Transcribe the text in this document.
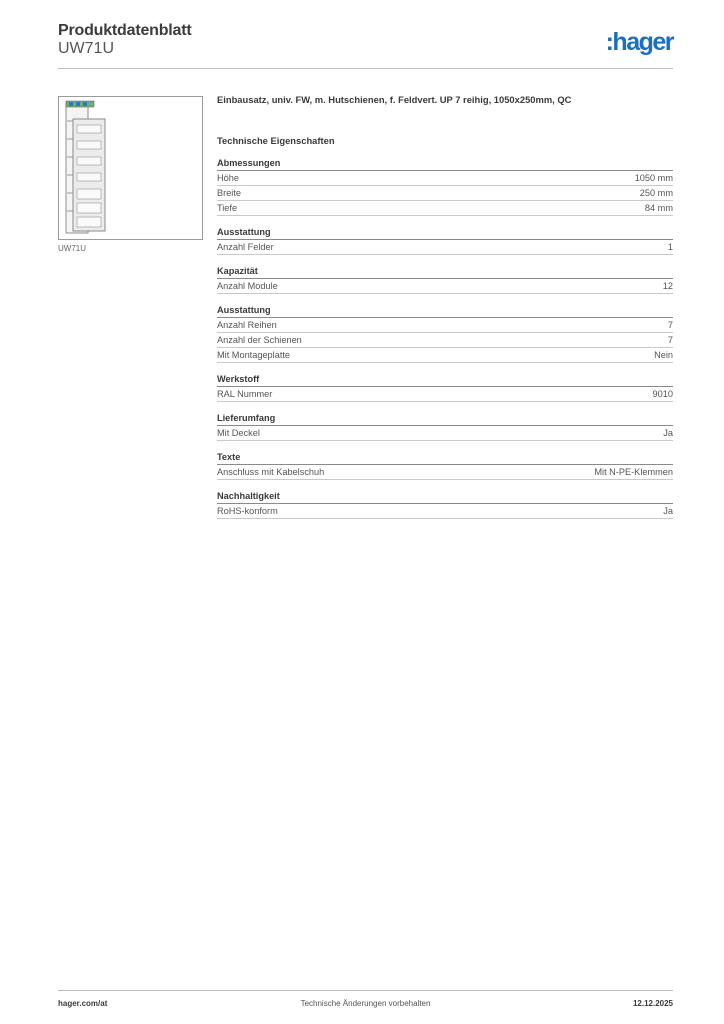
Produktdatenblatt
UW71U	:hager
UW71U
Einbausatz, univ. FW, m. Hutschienen, f. Feldvert. UP 7 reihig, 1050x250mm, QC
Technische Eigenschaften
Abmessungen
Höhe	1050 mm
Breite	250 mm
Tiefe	84 mm
Ausstattung
Anzahl Felder	1
Kapazität
Anzahl Module	12
Ausstattung
Anzahl Reihen	7
Anzahl der Schienen	7
Mit Montageplatte	Nein
Werkstoff
RAL Nummer	9010
Lieferumfang
Mit Deckel	Ja
Texte
Anschluss mit Kabelschuh	Mit N-PE-Klemmen
Nachhaltigkeit
RoHS-konform	Ja
hager.com/at	Technische Änderungen vorbehalten	12.12.2025
